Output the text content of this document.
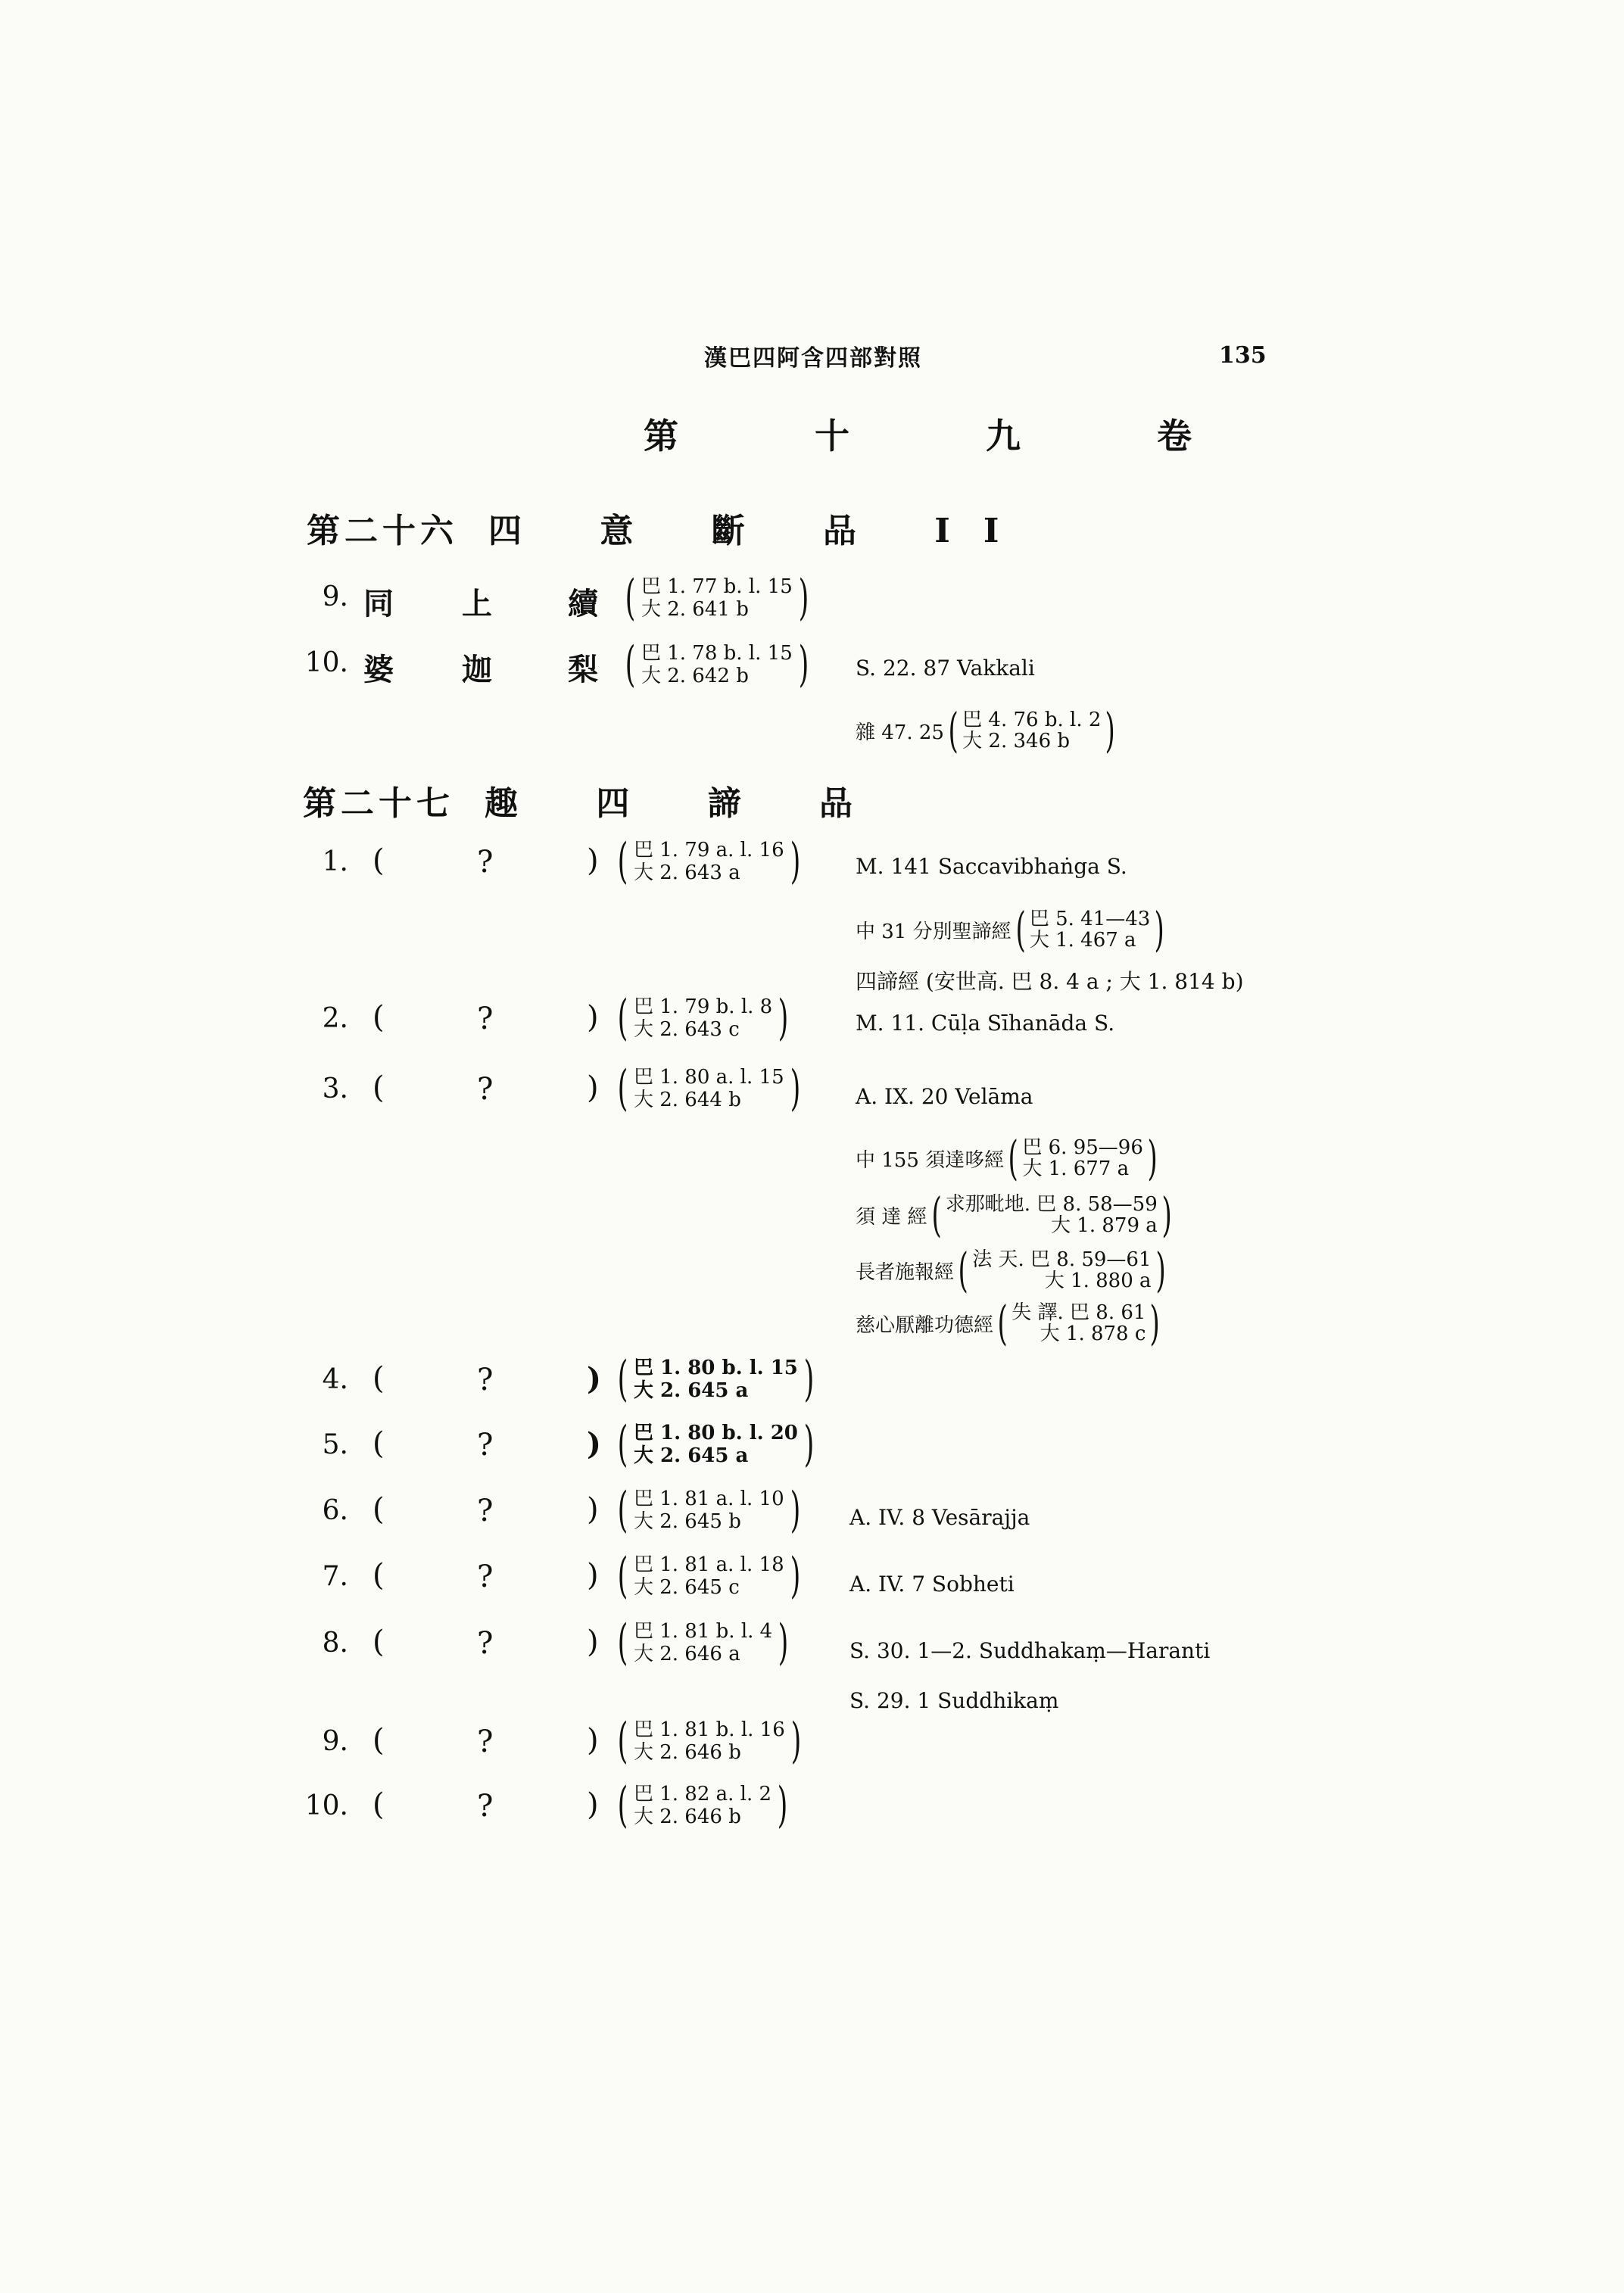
漢巴四阿含四部對照	135
第 十 九 卷
第二十六 四 意 斷 品 II
9. 同 上	續 ( 巴 1. 77 b. l. 15
大 2. 641 b	)
10. 婆 迦	梨 ( 巴 1. 78 b. l. 15
大 2. 642 b	) S. 22. 87 Vakkali
雜 47. 25 ( 巴 4. 76 b. l. 2
大 2. 346 b )
第二十七 趣 四 諦 品
1. (	?	) ( 巴 1. 79 a. l. 16
大 2. 643 a	)	M. 141 Saccavibhaṅga S.
中 31 分別聖諦經 ( 巴 5. 41—43
大 1. 467 a )
四諦經 (安世高. 巴 8. 4 a ; 大 1. 814 b)
2. (	?	) ( 巴 1. 79 b. l. 8
大 2. 643 c )	M. 11. Cūḷa Sīhanāda S.
3. (	?	) ( 巴 1. 80 a. l. 15
大 2. 644 b	)	A. IX. 20 Velāma
中 155 須達哆經 ( 巴 6. 95—96
大 1. 677 a )
須 達 經 ( 求那毗地. 巴 8. 58—59
大 1. 879 a )
長者施報經 ( 法 天. 巴 8. 59—61
大 1. 880 a )
慈心厭離功德經 ( 失 譯. 巴 8. 61
大 1. 878 c )
4. (	?	) ( 巴 1. 80 b. l. 15
大 2. 645 a	)
5. (	?	) ( 巴 1. 80 b. l. 20
大 2. 645 a	)
6. (	?	) ( 巴 1. 81 a. l. 10
大 2. 645 b	) A. IV. 8 Vesārajja
7. (	?	) ( 巴 1. 81 a. l. 18
大 2. 645 c	) A. IV. 7 Sobheti
8. (	?	) ( 巴 1. 81 b. l. 4
大 2. 646 a )	S. 30. 1—2. Suddhakaṃ—Haranti
S. 29. 1 Suddhikaṃ
9. (	?	) ( 巴 1. 81 b. l. 16
大 2. 646 b	)
10. (	?	) ( 巴 1. 82 a. l. 2
大 2. 646 b )
